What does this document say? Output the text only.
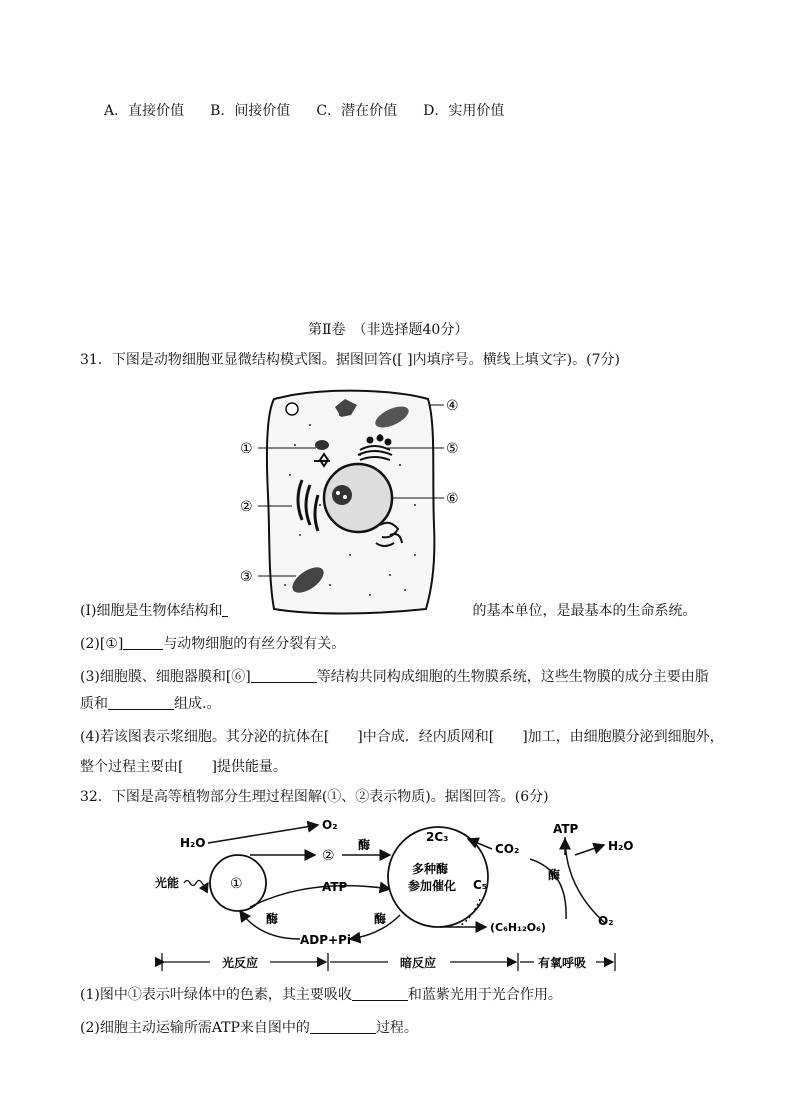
A．直接价值 B．间接价值 C．潜在价值 D．实用价值
第Ⅱ卷　（非选择题40分）
31．下图是动物细胞亚显微结构模式图。据图回答([ ]内填序号。横线上填文字)。(7分)
①
②
③
④
⑤
⑥
(Ⅰ)细胞是生物体结构和	的基本单位，是最基本的生命系统。
(2)[①]	与动物细胞的有丝分裂有关。
(3)细胞膜、细胞器膜和[⑥]	等结构共同构成细胞的生物膜系统，这些生物膜的成分主要由脂
质和	组成.。
(4)若该图表示浆细胞。其分泌的抗体在[　　]中合成．经内质网和[　　]加工，由细胞膜分泌到细胞外，
整个过程主要由[　　]提供能量。
32．下图是高等植物部分生理过程图解(①、②表示物质)。据图回答。(6分)
①
光能
H₂O
O₂
②
酶
ATP
酶	酶
ADP+Pi
多种酶
参加催化
2C₃
C₅
CO₂
(C₆H₁₂O₆)
ATP
H₂O
O₂
酶
光反应	暗反应	有氧呼吸
(1)图中①表示叶绿体中的色素，其主要吸收	和蓝紫光用于光合作用。
(2)细胞主动运输所需ATP来自图中的	过程。
